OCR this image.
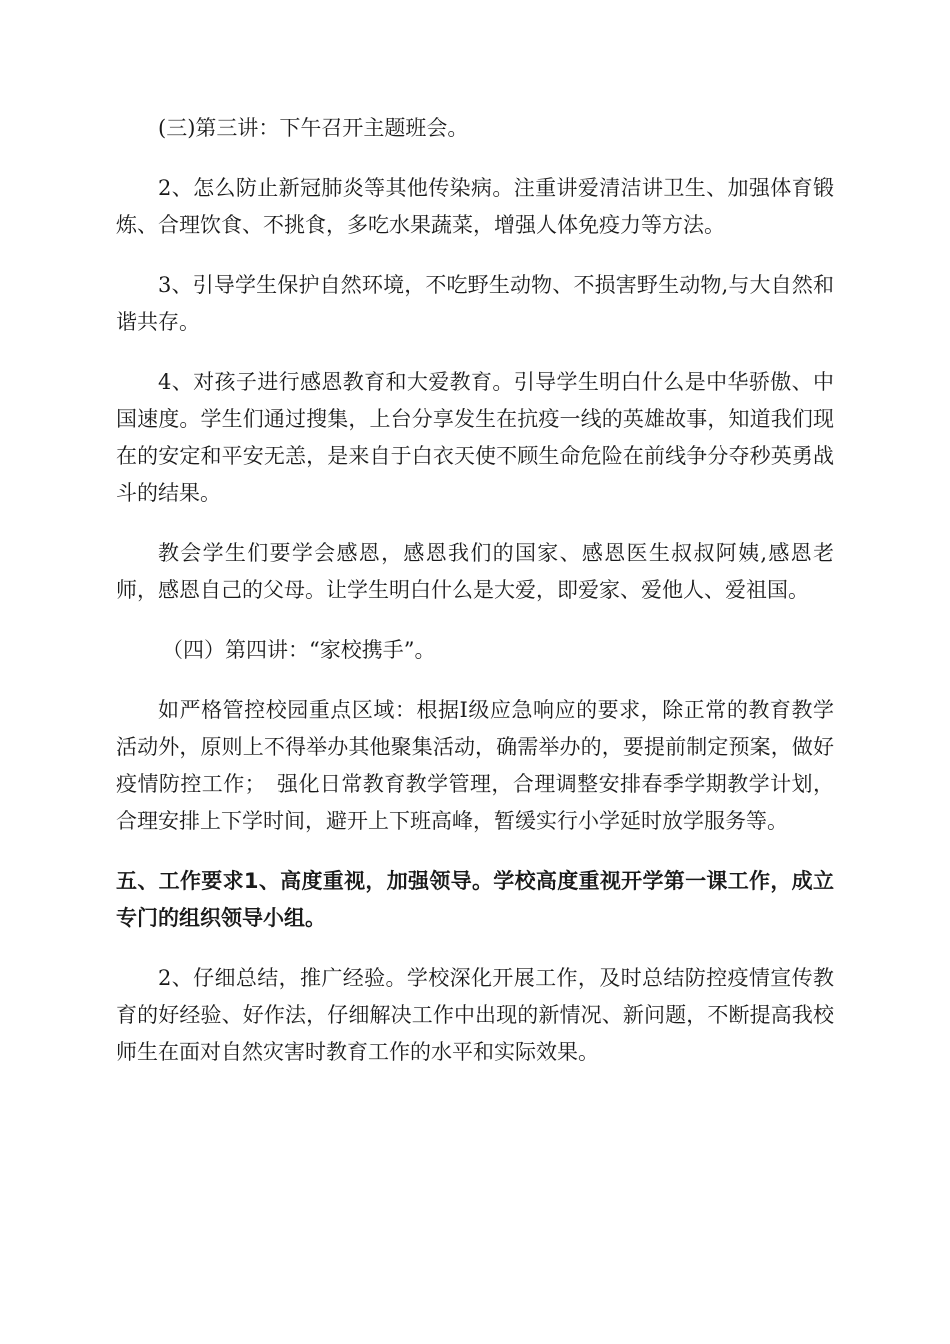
(三)第三讲：下午召开主题班会。

2、怎么防止新冠肺炎等其他传染病。注重讲爱清洁讲卫生、加强体育锻炼、合理饮食、不挑食，多吃水果蔬菜，增强人体免疫力等方法。

3、引导学生保护自然环境，不吃野生动物、不损害野生动物,与大自然和谐共存。

4、对孩子进行感恩教育和大爱教育。引导学生明白什么是中华骄傲、中国速度。学生们通过搜集，上台分享发生在抗疫一线的英雄故事，知道我们现在的安定和平安无恙，是来自于白衣天使不顾生命危险在前线争分夺秒英勇战斗的结果。

教会学生们要学会感恩，感恩我们的国家、感恩医生叔叔阿姨,感恩老师，感恩自己的父母。让学生明白什么是大爱，即爱家、爱他人、爱祖国。

（四）第四讲：“家校携手”。

如严格管控校园重点区域：根据Ⅰ级应急响应的要求，除正常的教育教学活动外，原则上不得举办其他聚集活动，确需举办的，要提前制定预案，做好疫情防控工作；　强化日常教育教学管理，合理调整安排春季学期教学计划，合理安排上下学时间，避开上下班高峰，暂缓实行小学延时放学服务等。

五、工作要求1、高度重视，加强领导。学校高度重视开学第一课工作，成立专门的组织领导小组。

2、仔细总结，推广经验。学校深化开展工作，及时总结防控疫情宣传教育的好经验、好作法，仔细解决工作中出现的新情况、新问题，不断提高我校师生在面对自然灾害时教育工作的水平和实际效果。
